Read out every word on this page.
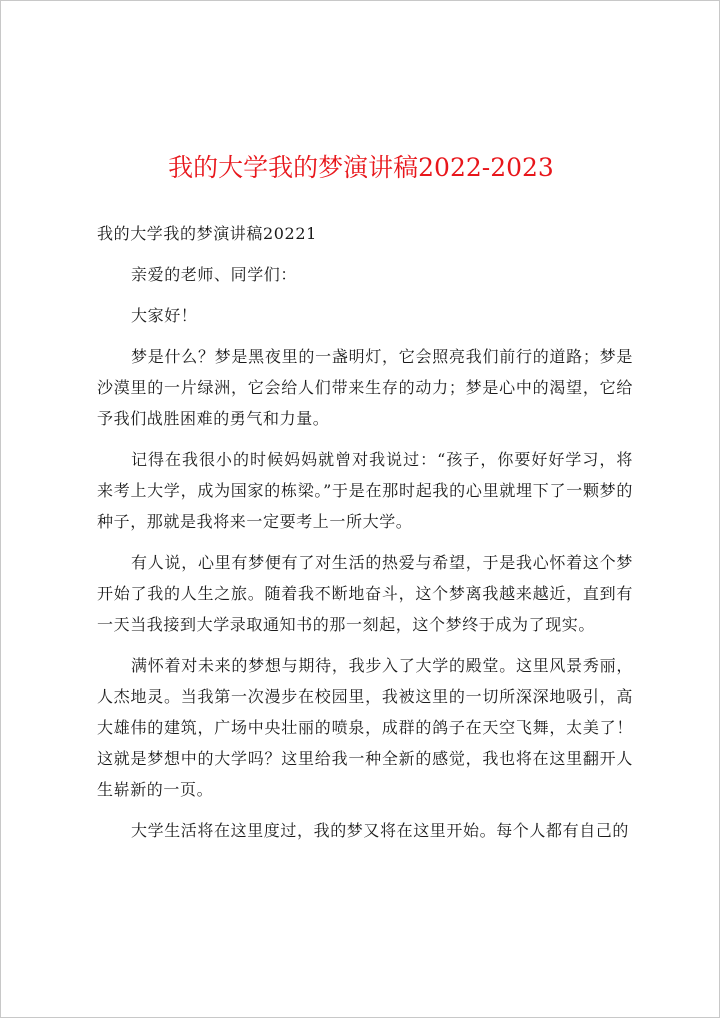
我的大学我的梦演讲稿2022-2023

我的大学我的梦演讲稿20221

亲爱的老师、同学们：

大家好！

梦是什么？梦是黑夜里的一盏明灯，它会照亮我们前行的道路；梦是沙漠里的一片绿洲，它会给人们带来生存的动力；梦是心中的渴望，它给予我们战胜困难的勇气和力量。

记得在我很小的时候妈妈就曾对我说过：“孩子，你要好好学习，将来考上大学，成为国家的栋梁。”于是在那时起我的心里就埋下了一颗梦的种子，那就是我将来一定要考上一所大学。

有人说，心里有梦便有了对生活的热爱与希望，于是我心怀着这个梦开始了我的人生之旅。随着我不断地奋斗，这个梦离我越来越近，直到有一天当我接到大学录取通知书的那一刻起，这个梦终于成为了现实。

满怀着对未来的梦想与期待，我步入了大学的殿堂。这里风景秀丽，人杰地灵。当我第一次漫步在校园里，我被这里的一切所深深地吸引，高大雄伟的建筑，广场中央壮丽的喷泉，成群的鸽子在天空飞舞，太美了！这就是梦想中的大学吗？这里给我一种全新的感觉，我也将在这里翻开人生崭新的一页。

大学生活将在这里度过，我的梦又将在这里开始。每个人都有自己的
